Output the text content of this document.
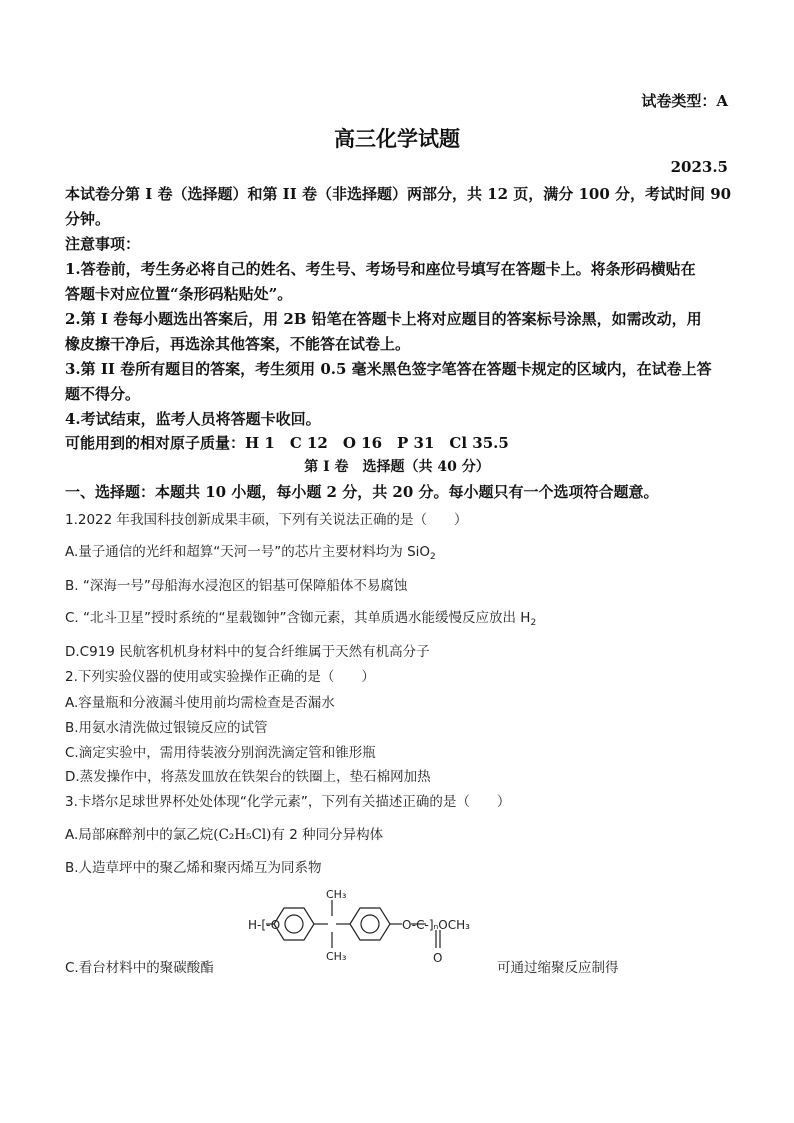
试卷类型：A
高三化学试题
2023.5
本试卷分第 I 卷（选择题）和第 II 卷（非选择题）两部分，共 12 页，满分 100 分，考试时间 90
分钟。
注意事项：
1.答卷前，考生务必将自己的姓名、考生号、考场号和座位号填写在答题卡上。将条形码横贴在
答题卡对应位置“条形码粘贴处”。
2.第 I 卷每小题选出答案后，用 2B 铅笔在答题卡上将对应题目的答案标号涂黑，如需改动，用
橡皮擦干净后，再选涂其他答案，不能答在试卷上。
3.第 II 卷所有题目的答案，考生须用 0.5 毫米黑色签字笔答在答题卡规定的区域内，在试卷上答
题不得分。
4.考试结束，监考人员将答题卡收回。
可能用到的相对原子质量：H 1　C 12　O 16　P 31　Cl 35.5
第 I 卷　选择题（共 40 分）
一、选择题：本题共 10 小题，每小题 2 分，共 20 分。每小题只有一个选项符合题意。
1.2022 年我国科技创新成果丰硕，下列有关说法正确的是（　　）
A.量子通信的光纤和超算“天河一号”的芯片主要材料均为 SiO$_2$
B. “深海一号”母船海水浸泡区的铝基可保障船体不易腐蚀
C. “北斗卫星”授时系统的“星载铷钟”含铷元素，其单质遇水能缓慢反应放出 $H_2$
D.C919 民航客机机身材料中的复合纤维属于天然有机高分子
2.下列实验仪器的使用或实验操作正确的是（　　）
A.容量瓶和分液漏斗使用前均需检查是否漏水
B.用氨水清洗做过银镜反应的试管
C.滴定实验中，需用待装液分别润洗滴定管和锥形瓶
D.蒸发操作中，将蒸发皿放在铁架台的铁圈上，垫石棉网加热
3.卡塔尔足球世界杯处处体现“化学元素”，下列有关描述正确的是（　　）
A.局部麻醉剂中的氯乙烷(C₂H₅Cl)有 2 种同分异构体
B.人造草坪中的聚乙烯和聚丙烯互为同系物
C.看台材料中的聚碳酸酯	可通过缩聚反应制得
H-[-O
CH₃
CH₃
O-C-]ₙOCH₃
O
